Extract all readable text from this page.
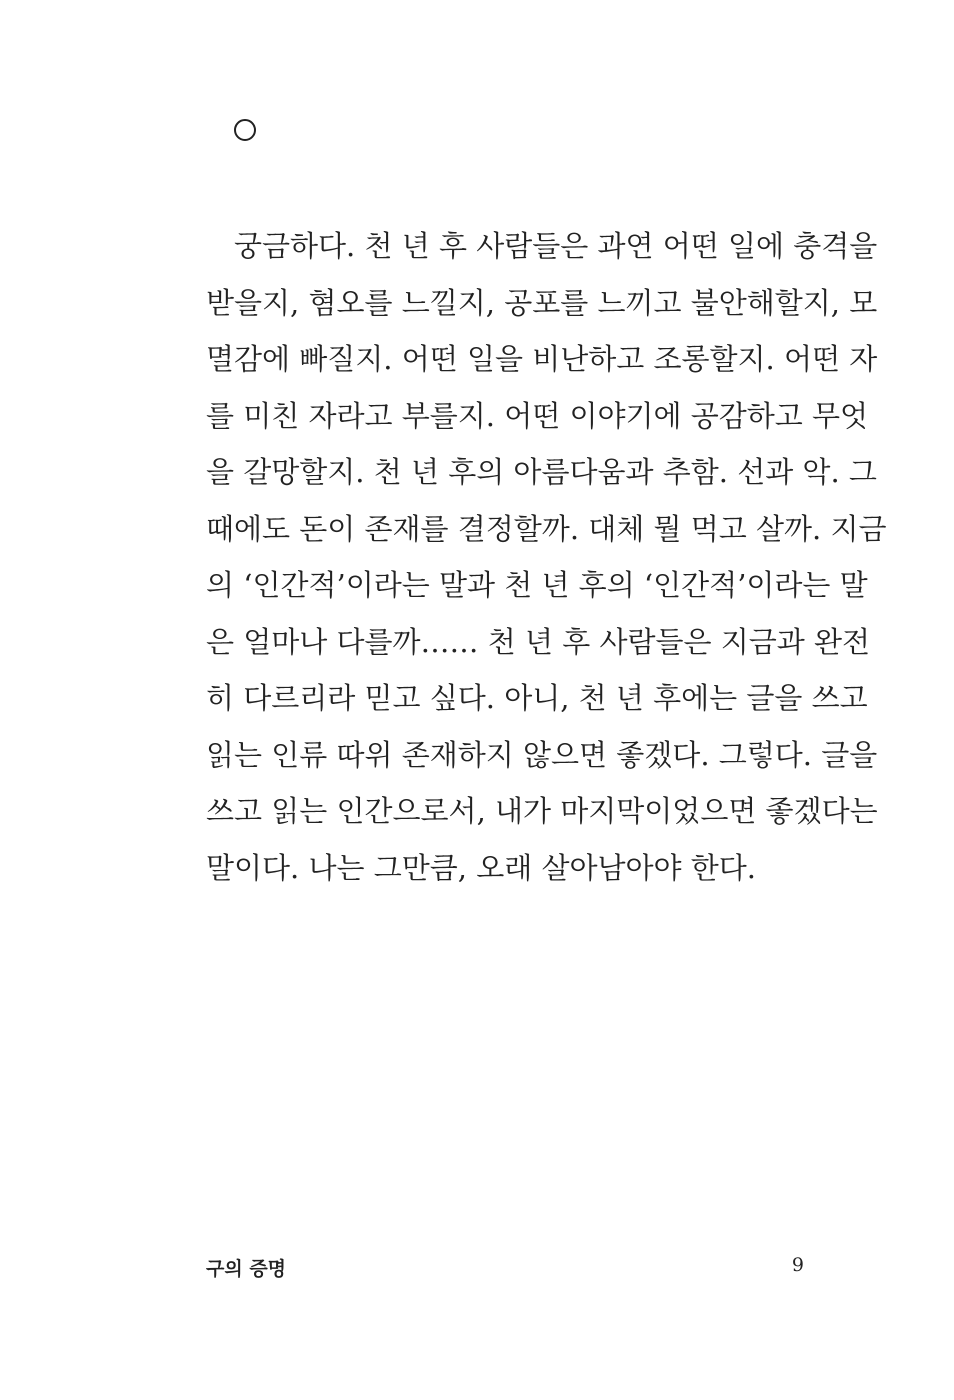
궁금하다. 천 년 후 사람들은 과연 어떤 일에 충격을
받을지, 혐오를 느낄지, 공포를 느끼고 불안해할지, 모
멸감에 빠질지. 어떤 일을 비난하고 조롱할지. 어떤 자
를 미친 자라고 부를지. 어떤 이야기에 공감하고 무엇
을 갈망할지. 천 년 후의 아름다움과 추함. 선과 악. 그
때에도 돈이 존재를 결정할까. 대체 뭘 먹고 살까. 지금
의 ‘인간적’이라는 말과 천 년 후의 ‘인간적’이라는 말
은 얼마나 다를까…… 천 년 후 사람들은 지금과 완전
히 다르리라 믿고 싶다. 아니, 천 년 후에는 글을 쓰고
읽는 인류 따위 존재하지 않으면 좋겠다. 그렇다. 글을
쓰고 읽는 인간으로서, 내가 마지막이었으면 좋겠다는
말이다. 나는 그만큼, 오래 살아남아야 한다.
구의 증명	9
